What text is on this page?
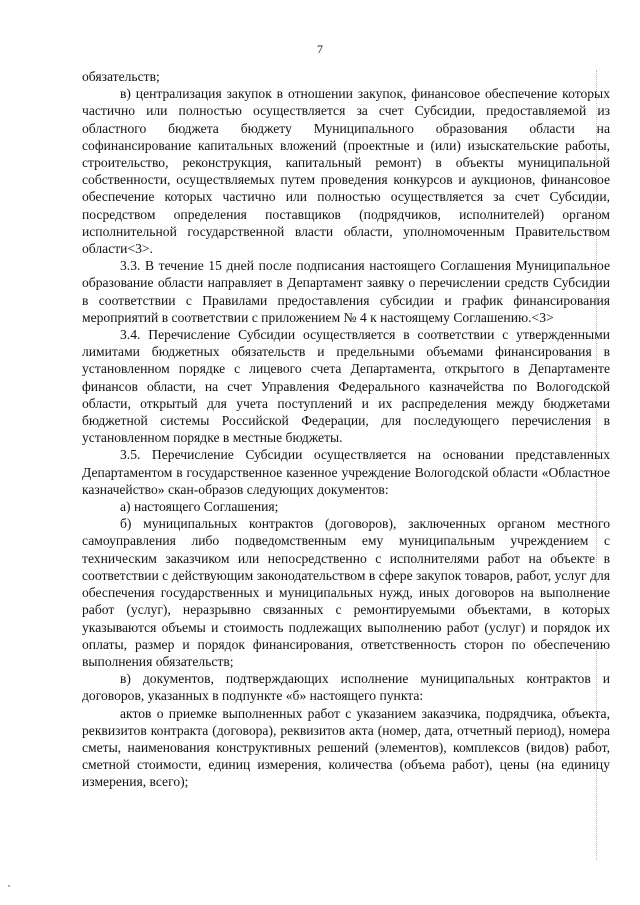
7

обязательств;

в) централизация закупок в отношении закупок, финансовое обеспечение которых частично или полностью осуществляется за счет Субсидии, предоставляемой из областного бюджета бюджету Муниципального образования области на софинансирование капитальных вложений (проектные и (или) изыскательские работы, строительство, реконструкция, капитальный ремонт) в объекты муниципальной собственности, осуществляемых путем проведения конкурсов и аукционов, финансовое обеспечение которых частично или полностью осуществляется за счет Субсидии, посредством определения поставщиков (подрядчиков, исполнителей) органом исполнительной государственной власти области, уполномоченным Правительством области<3>.

3.3. В течение 15 дней после подписания настоящего Соглашения Муниципальное образование области направляет в Департамент заявку о перечислении средств Субсидии в соответствии с Правилами предоставления субсидии и график финансирования мероприятий в соответствии с приложением № 4 к настоящему Соглашению.<3>

3.4. Перечисление Субсидии осуществляется в соответствии с утвержденными лимитами бюджетных обязательств и предельными объемами финансирования в установленном порядке с лицевого счета Департамента, открытого в Департаменте финансов области, на счет Управления Федерального казначейства по Вологодской области, открытый для учета поступлений и их распределения между бюджетами бюджетной системы Российской Федерации, для последующего перечисления в установленном порядке в местные бюджеты.

3.5. Перечисление Субсидии осуществляется на основании представленных Департаментом в государственное казенное учреждение Вологодской области «Областное казначейство» скан-образов следующих документов:

а) настоящего Соглашения;

б) муниципальных контрактов (договоров), заключенных органом местного самоуправления либо подведомственным ему муниципальным учреждением с техническим заказчиком или непосредственно с исполнителями работ на объекте в соответствии с действующим законодательством в сфере закупок товаров, работ, услуг для обеспечения государственных и муниципальных нужд, иных договоров на выполнение работ (услуг), неразрывно связанных с ремонтируемыми объектами, в которых указываются объемы и стоимость подлежащих выполнению работ (услуг) и порядок их оплаты, размер и порядок финансирования, ответственность сторон по обеспечению выполнения обязательств;

в) документов, подтверждающих исполнение муниципальных контрактов и договоров, указанных в подпункте «б» настоящего пункта:

актов о приемке выполненных работ с указанием заказчика, подрядчика, объекта, реквизитов контракта (договора), реквизитов акта (номер, дата, отчетный период), номера сметы, наименования конструктивных решений (элементов), комплексов (видов) работ, сметной стоимости, единиц измерения, количества (объема работ), цены (на единицу измерения, всего);
